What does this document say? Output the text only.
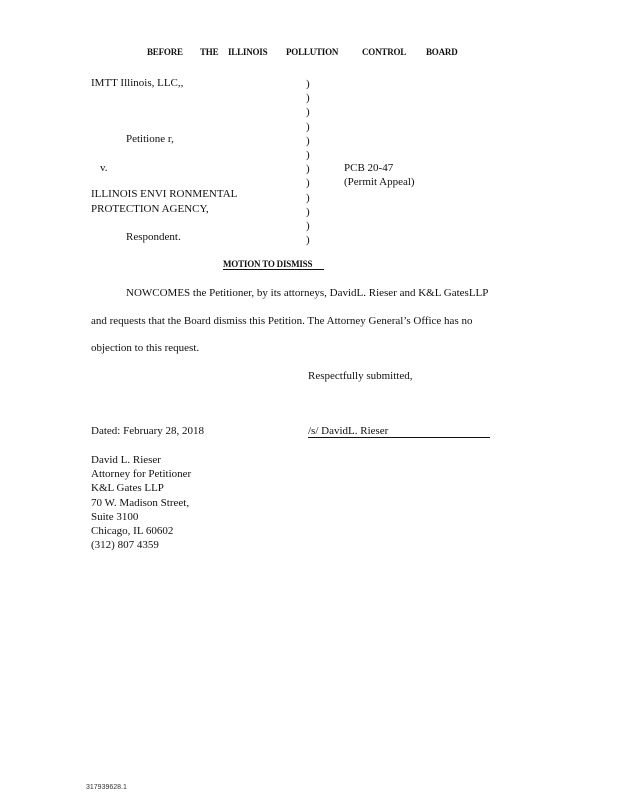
BEFORE THE ILLINOIS POLLUTION	CONTROL BOARD
IMTT Illinois, LLC,,
Petitione r,
v.
ILLINOIS ENVI RONMENTAL
PROTECTION AGENCY,
Respondent.
)
)
)
)
)
)
)
)
)
)
)
)
PCB 20-47
(Permit Appeal)
MOTION TO DISMISS
NOWCOMES the Petitioner, by its attorneys, DavidL. Rieser and K&L GatesLLP
and requests that the Board dismiss this Petition. The Attorney General’s Office has no
objection to this request.
Respectfully submitted,
Dated: February 28, 2018	/s/ DavidL. Rieser
David L. Rieser
Attorney for Petitioner
K&L Gates LLP
70 W. Madison Street,
Suite 3100
Chicago, IL 60602
(312) 807 4359
317939628.1
